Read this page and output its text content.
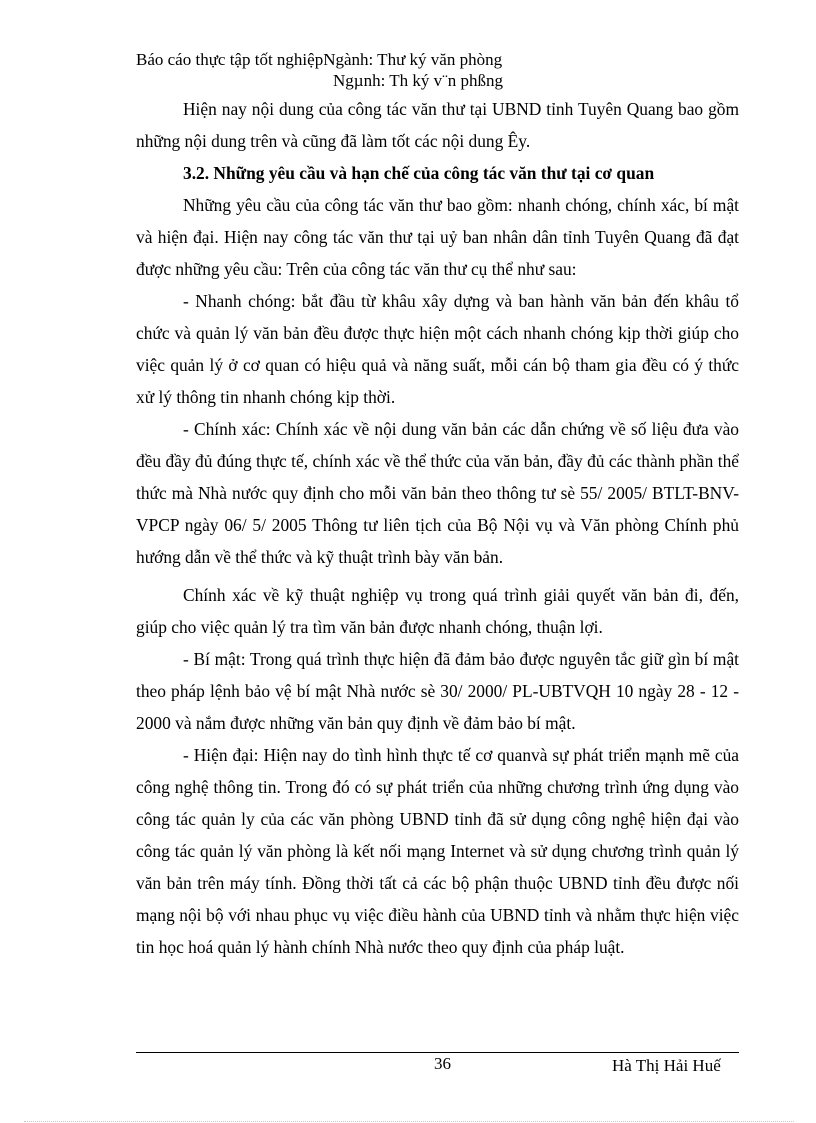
Báo cáo thực tập tốt nghiệpNgành: Thư ký văn phòng
Ngµnh: Th ký v¨n phßng

Hiện nay nội dung của công tác văn thư tại UBND tỉnh Tuyên Quang bao gồm những nội dung trên và cũng đã làm tốt các nội dung Êy.

3.2. Những yêu cầu và hạn chế của công tác văn thư tại cơ quan

Những yêu cầu của công tác văn thư bao gồm: nhanh chóng, chính xác, bí mật và hiện đại. Hiện nay công tác văn thư tại uỷ ban nhân dân tỉnh Tuyên Quang đã đạt được những yêu cầu: Trên của công tác văn thư cụ thể như sau:

- Nhanh chóng: bắt đầu từ khâu xây dựng và ban hành văn bản đến khâu tổ chức và quản lý văn bản đều được thực hiện một cách nhanh chóng kịp thời giúp cho việc quản lý ở cơ quan có hiệu quả và năng suất, mỗi cán bộ tham gia đều có ý thức xử lý thông tin nhanh chóng kịp thời.

- Chính xác: Chính xác về nội dung văn bản các dẫn chứng về số liệu đưa vào đều đầy đủ đúng thực tế, chính xác về thể thức của văn bản, đầy đủ các thành phần thể thức mà Nhà nước quy định cho mỗi văn bản theo thông tư sè 55/ 2005/ BTLT-BNV-VPCP ngày 06/ 5/ 2005 Thông tư liên tịch của Bộ Nội vụ và Văn phòng Chính phủ hướng dẫn về thể thức và kỹ thuật trình bày văn bản.

Chính xác về kỹ thuật nghiệp vụ trong quá trình giải quyết văn bản đi, đến, giúp cho việc quản lý tra tìm văn bản được nhanh chóng, thuận lợi.

- Bí mật: Trong quá trình thực hiện đã đảm bảo được nguyên tắc giữ gìn bí mật theo pháp lệnh bảo vệ bí mật Nhà nước sè 30/ 2000/ PL-UBTVQH 10 ngày 28 - 12 - 2000 và nắm được những văn bản quy định về đảm bảo bí mật.

- Hiện đại: Hiện nay do tình hình thực tế cơ quanvà sự phát triển mạnh mẽ của công nghệ thông tin. Trong đó có sự phát triển của những chương trình ứng dụng vào công tác quản ly của các văn phòng UBND tỉnh đã sử dụng công nghệ hiện đại vào công tác quản lý văn phòng là kết nối mạng Internet và sử dụng chương trình quản lý văn bản trên máy tính. Đồng thời tất cả các bộ phận thuộc UBND tỉnh đều được nối mạng nội bộ với nhau phục vụ việc điều hành của UBND tỉnh và nhằm thực hiện việc tin học hoá quản lý hành chính Nhà nước theo quy định của pháp luật.

36	Hà Thị Hải Huế
